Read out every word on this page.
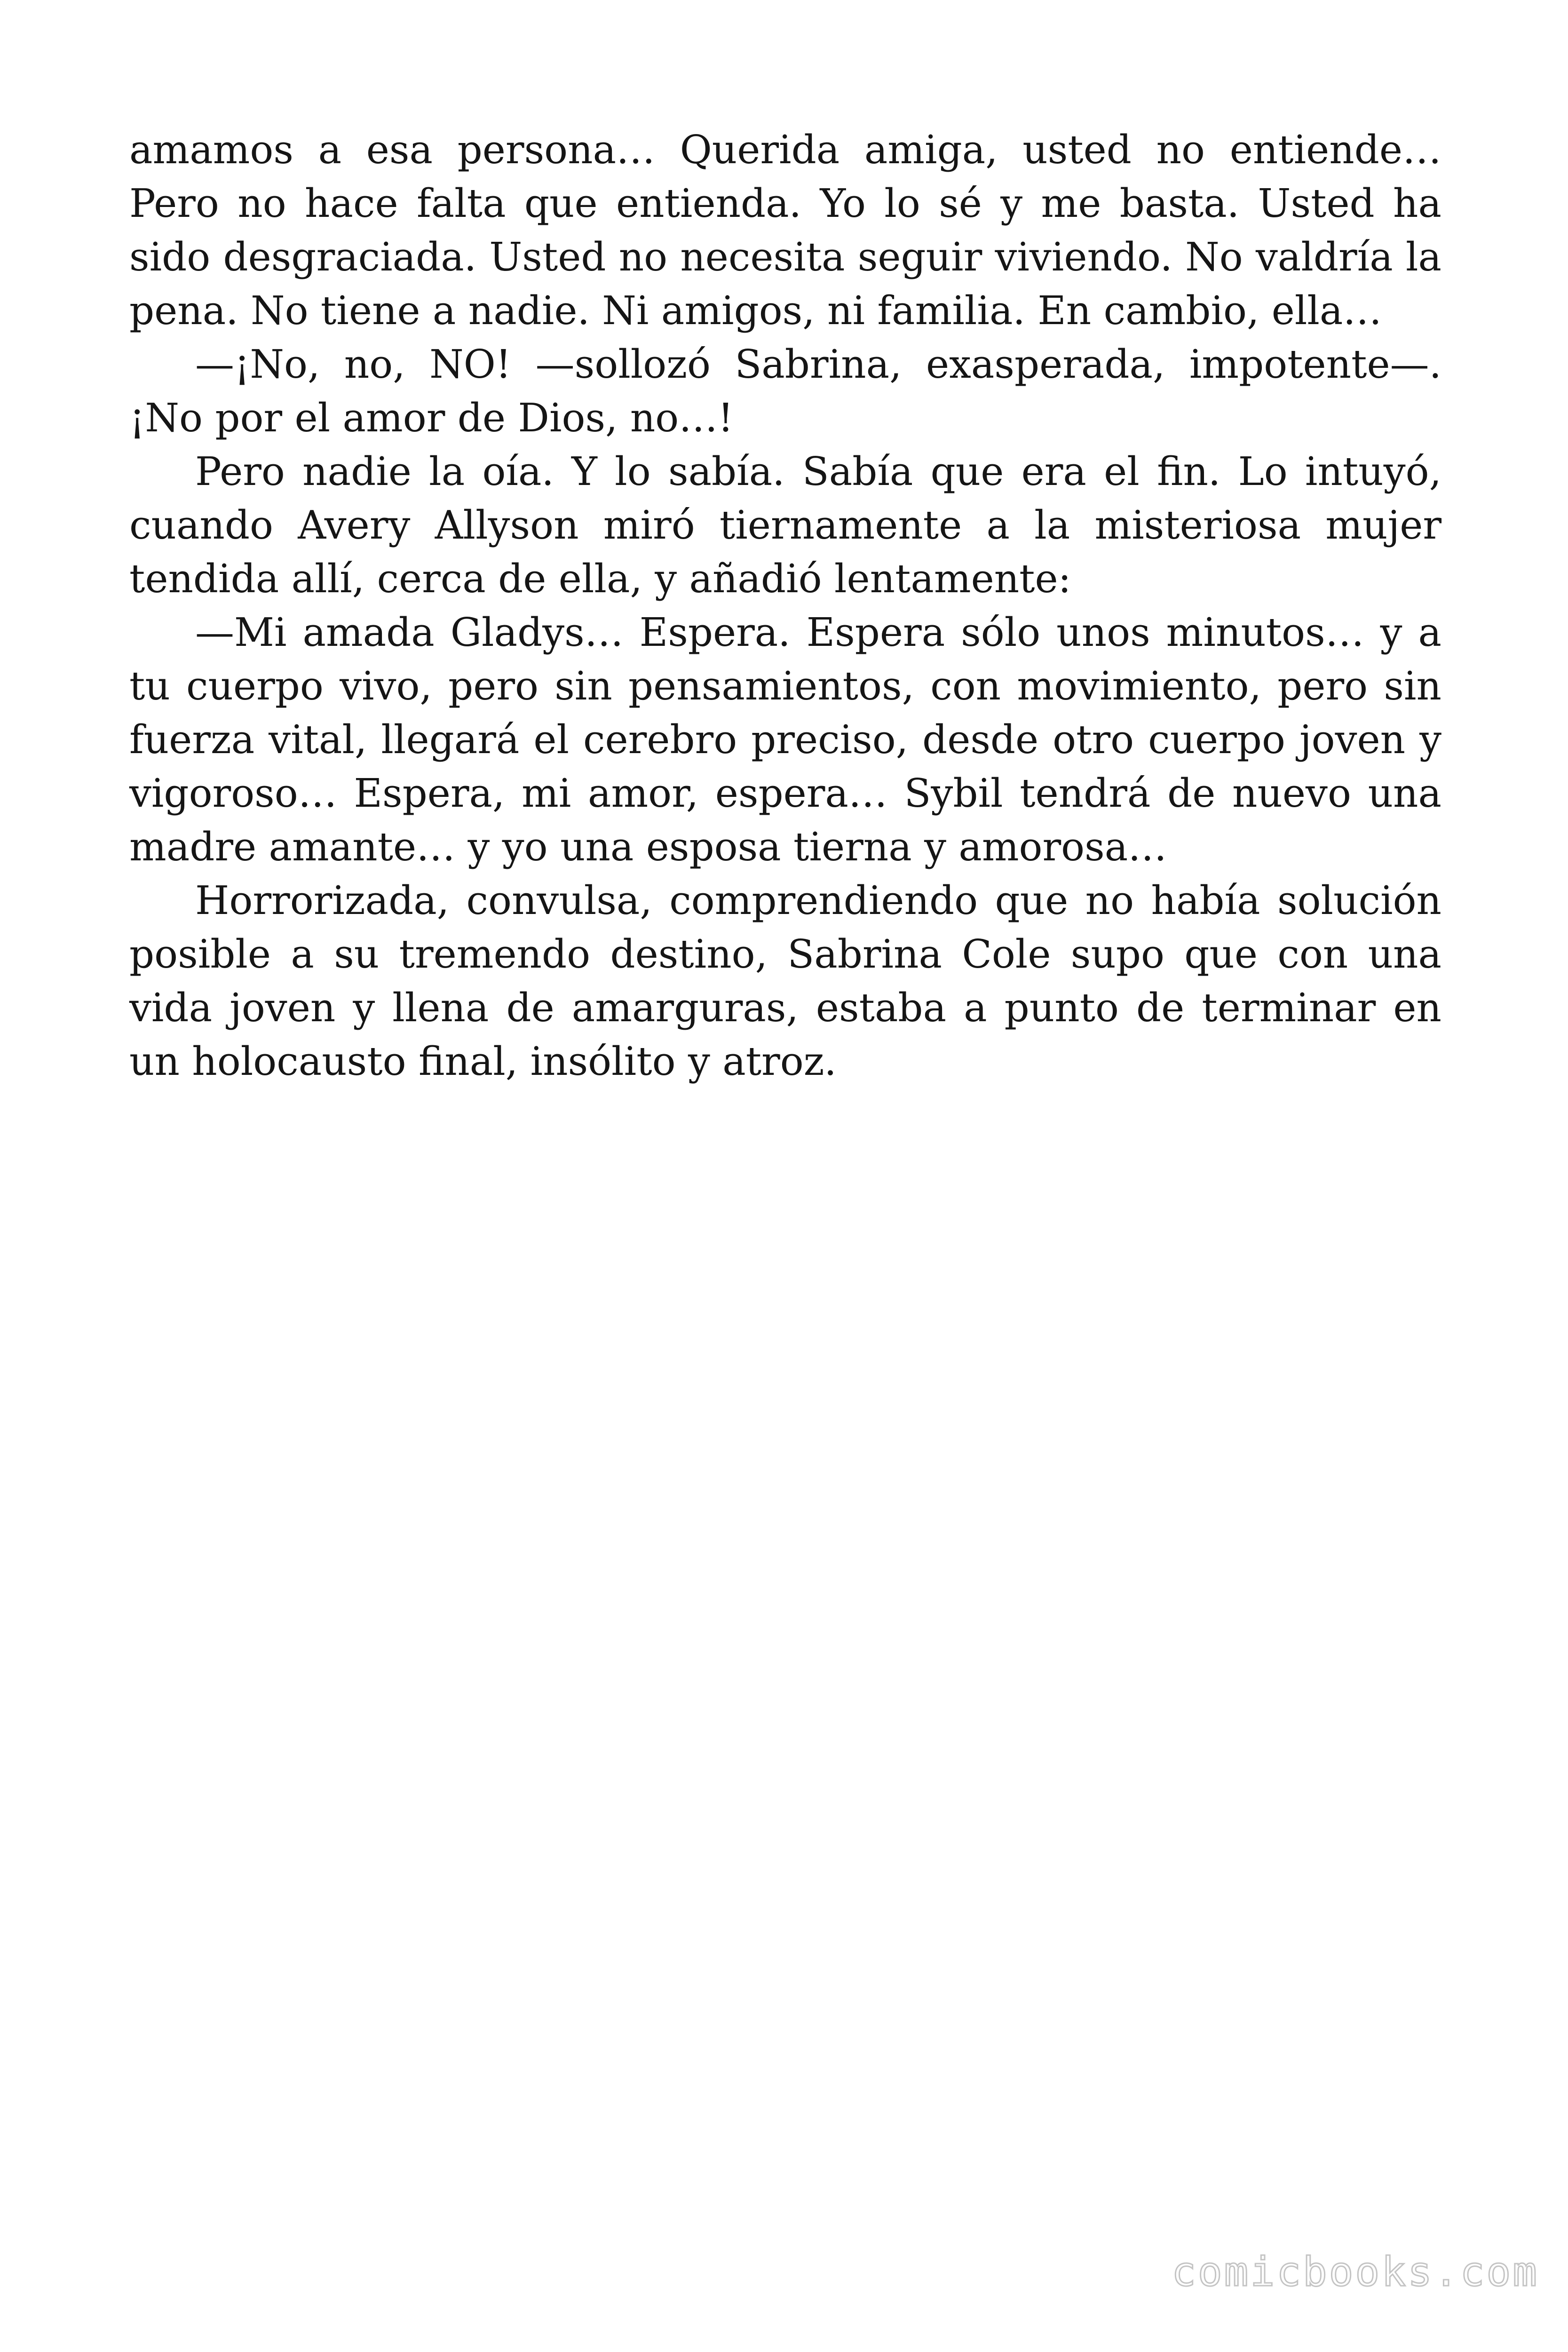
amamos a esa persona… Querida amiga, usted no entiende… Pero no hace falta que entienda. Yo lo sé y me basta. Usted ha sido desgraciada. Usted no necesita seguir viviendo. No valdría la pena. No tiene a nadie. Ni amigos, ni familia. En cambio, ella…

—¡No, no, NO! —sollozó Sabrina, exasperada, impotente—. ¡No por el amor de Dios, no…!

Pero nadie la oía. Y lo sabía. Sabía que era el fin. Lo intuyó, cuando Avery Allyson miró tiernamente a la misteriosa mujer tendida allí, cerca de ella, y añadió lentamente:

—Mi amada Gladys… Espera. Espera sólo unos minutos… y a tu cuerpo vivo, pero sin pensamientos, con movimiento, pero sin fuerza vital, llegará el cerebro preciso, desde otro cuerpo joven y vigoroso… Espera, mi amor, espera… Sybil tendrá de nuevo una madre amante… y yo una esposa tierna y amorosa…

Horrorizada, convulsa, comprendiendo que no había solución posible a su tremendo destino, Sabrina Cole supo que con una vida joven y llena de amarguras, estaba a punto de terminar en un holocausto final, insólito y atroz.

comicbooks.com
